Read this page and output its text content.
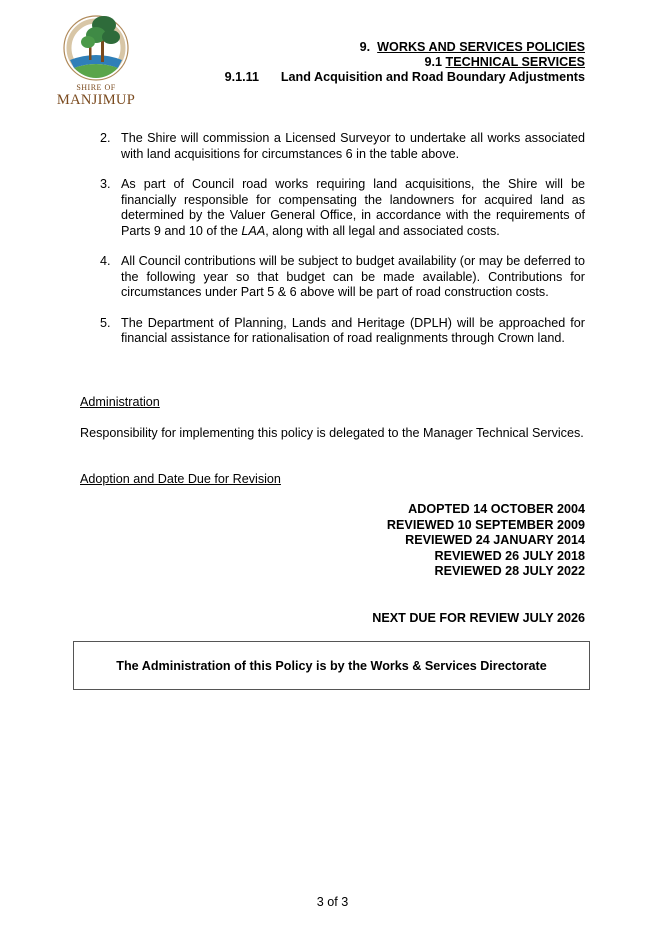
SHIRE OF
MANJIMUP
9. WORKS AND SERVICES POLICIES
9.1 TECHNICAL SERVICES
9.1.11 Land Acquisition and Road Boundary Adjustments
2. The Shire will commission a Licensed Surveyor to undertake all works associated with land acquisitions for circumstances 6 in the table above.
3. As part of Council road works requiring land acquisitions, the Shire will be financially responsible for compensating the landowners for acquired land as determined by the Valuer General Office, in accordance with the requirements of Parts 9 and 10 of the LAA, along with all legal and associated costs.
4. All Council contributions will be subject to budget availability (or may be deferred to the following year so that budget can be made available). Contributions for circumstances under Part 5 & 6 above will be part of road construction costs.
5. The Department of Planning, Lands and Heritage (DPLH) will be approached for financial assistance for rationalisation of road realignments through Crown land.
Administration
Responsibility for implementing this policy is delegated to the Manager Technical Services.
Adoption and Date Due for Revision
ADOPTED 14 OCTOBER 2004
REVIEWED 10 SEPTEMBER 2009
REVIEWED 24 JANUARY 2014
REVIEWED 26 JULY 2018
REVIEWED 28 JULY 2022
NEXT DUE FOR REVIEW JULY 2026
The Administration of this Policy is by the Works & Services Directorate
3 of 3
